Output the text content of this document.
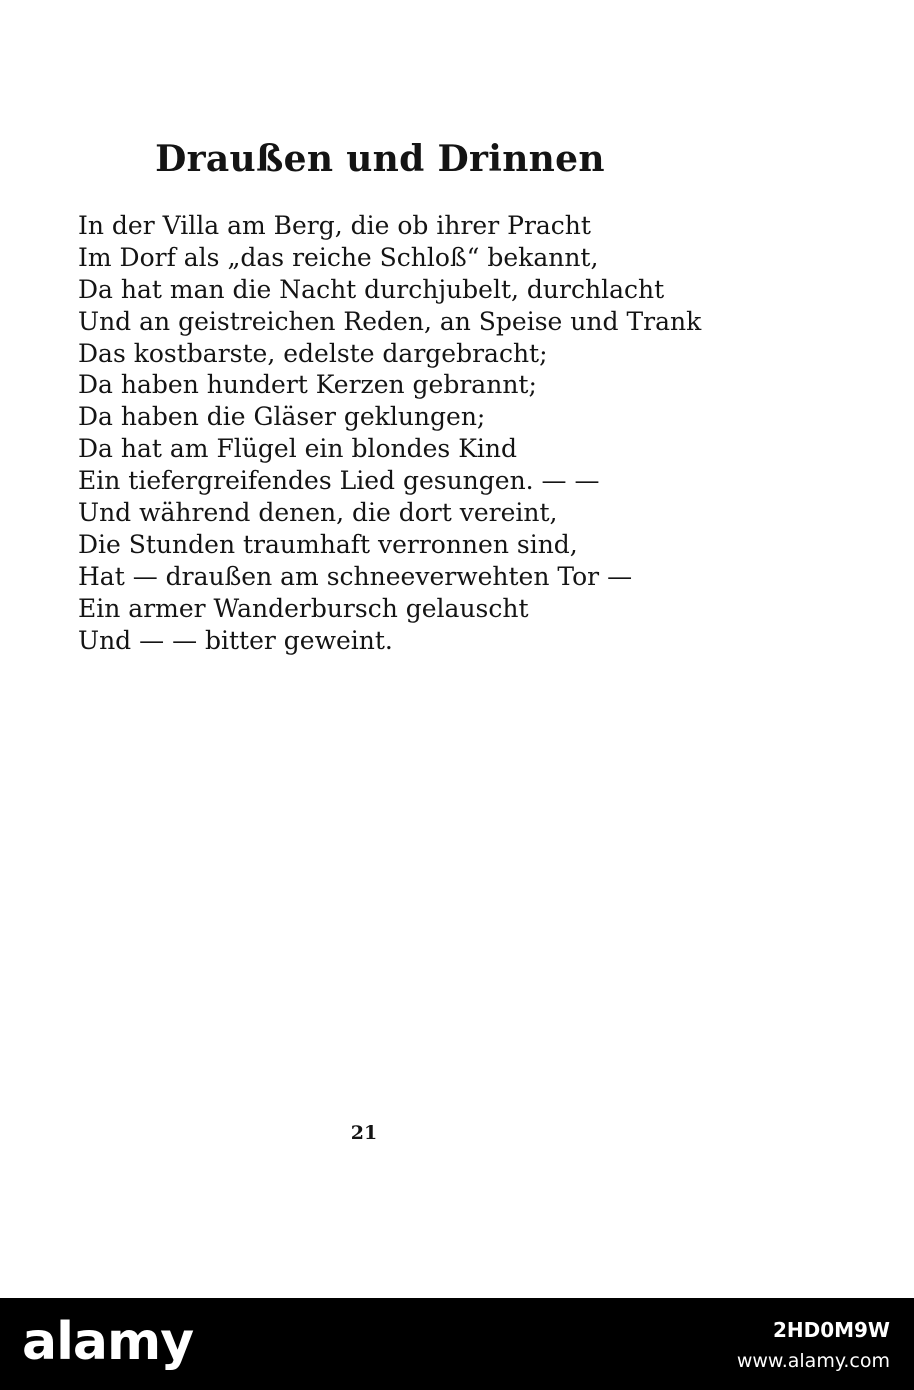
Draußen und Drinnen
In der Villa am Berg, die ob ihrer Pracht
Im Dorf als „das reiche Schloß“ bekannt,
Da hat man die Nacht durchjubelt, durchlacht
Und an geistreichen Reden, an Speise und Trank
Das kostbarste, edelste dargebracht;
Da haben hundert Kerzen gebrannt;
Da haben die Gläser geklungen;
Da hat am Flügel ein blondes Kind
Ein tiefergreifendes Lied gesungen. — —
Und während denen, die dort vereint,
Die Stunden traumhaft verronnen sind,
Hat — draußen am schneeverwehten Tor —
Ein armer Wanderbursch gelauscht
Und — — bitter geweint.
21
alamy	2HD0M9W
www.alamy.com
